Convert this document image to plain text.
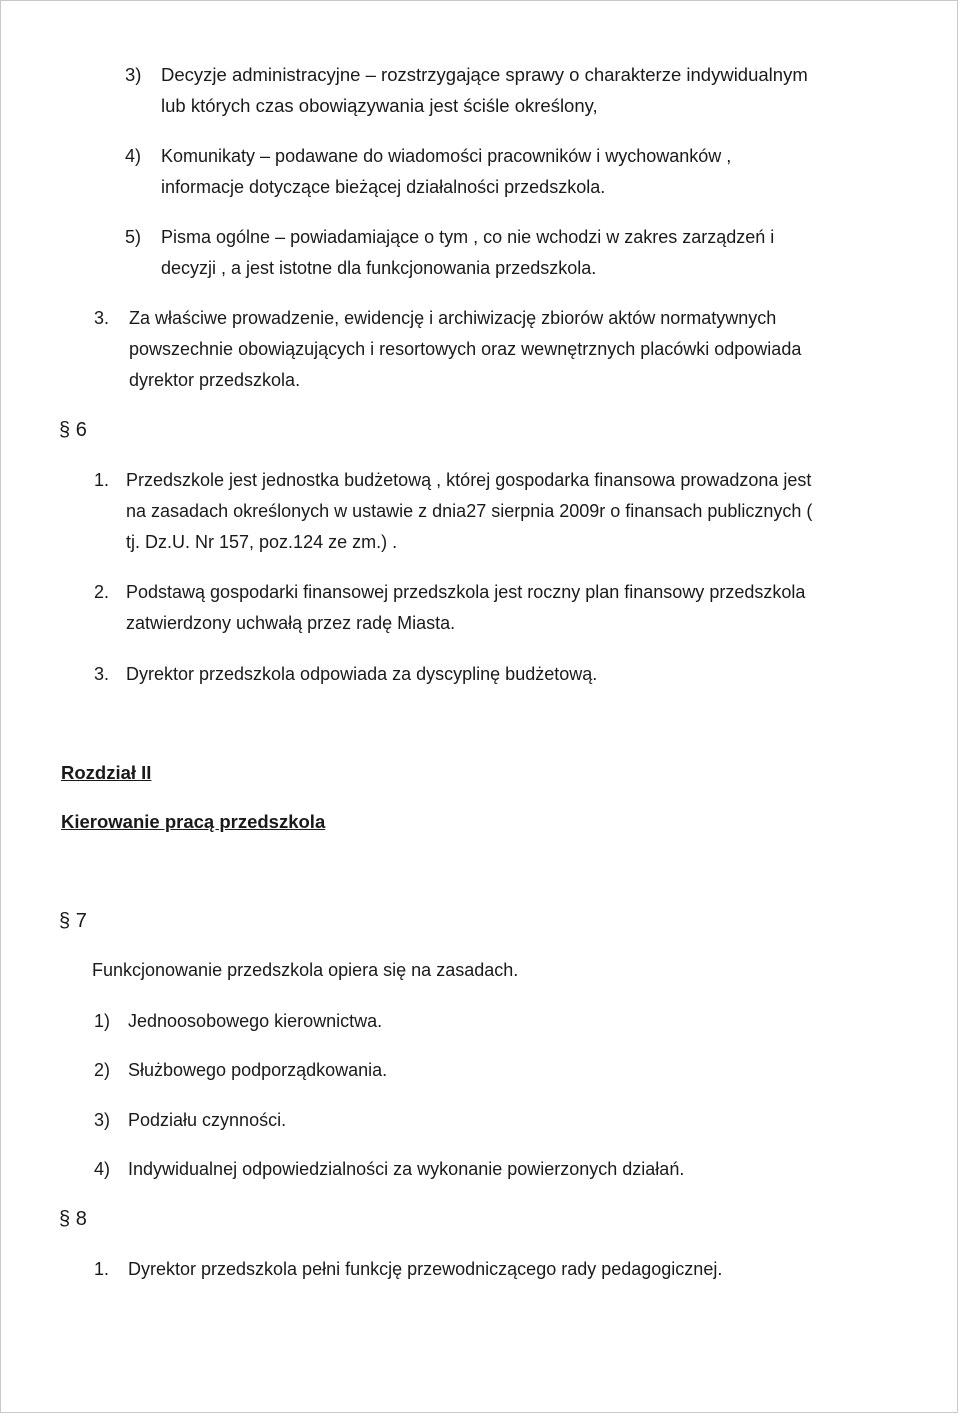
3) Decyzje administracyjne – rozstrzygające sprawy o charakterze indywidualnym
lub których czas obowiązywania jest ściśle określony,
4) Komunikaty – podawane do wiadomości pracowników i wychowanków ,
informacje dotyczące bieżącej działalności przedszkola.
5) Pisma ogólne – powiadamiające o tym , co nie wchodzi w zakres zarządzeń i
decyzji , a jest istotne dla funkcjonowania przedszkola.
3. Za właściwe prowadzenie, ewidencję i archiwizację zbiorów aktów normatywnych
powszechnie obowiązujących i resortowych oraz wewnętrznych placówki odpowiada
dyrektor przedszkola.
§ 6
1. Przedszkole jest jednostka budżetową , której gospodarka finansowa prowadzona jest
na zasadach określonych w ustawie z dnia27 sierpnia 2009r o finansach publicznych (
tj. Dz.U. Nr 157, poz.124 ze zm.) .
2. Podstawą gospodarki finansowej przedszkola jest roczny plan finansowy przedszkola
zatwierdzony uchwałą przez radę Miasta.
3. Dyrektor przedszkola odpowiada za dyscyplinę budżetową.
Rozdział II
Kierowanie pracą przedszkola
§ 7
Funkcjonowanie przedszkola opiera się na zasadach.
1) Jednoosobowego kierownictwa.
2) Służbowego podporządkowania.
3) Podziału czynności.
4) Indywidualnej odpowiedzialności za wykonanie powierzonych działań.
§ 8
1. Dyrektor przedszkola pełni funkcję przewodniczącego rady pedagogicznej.
